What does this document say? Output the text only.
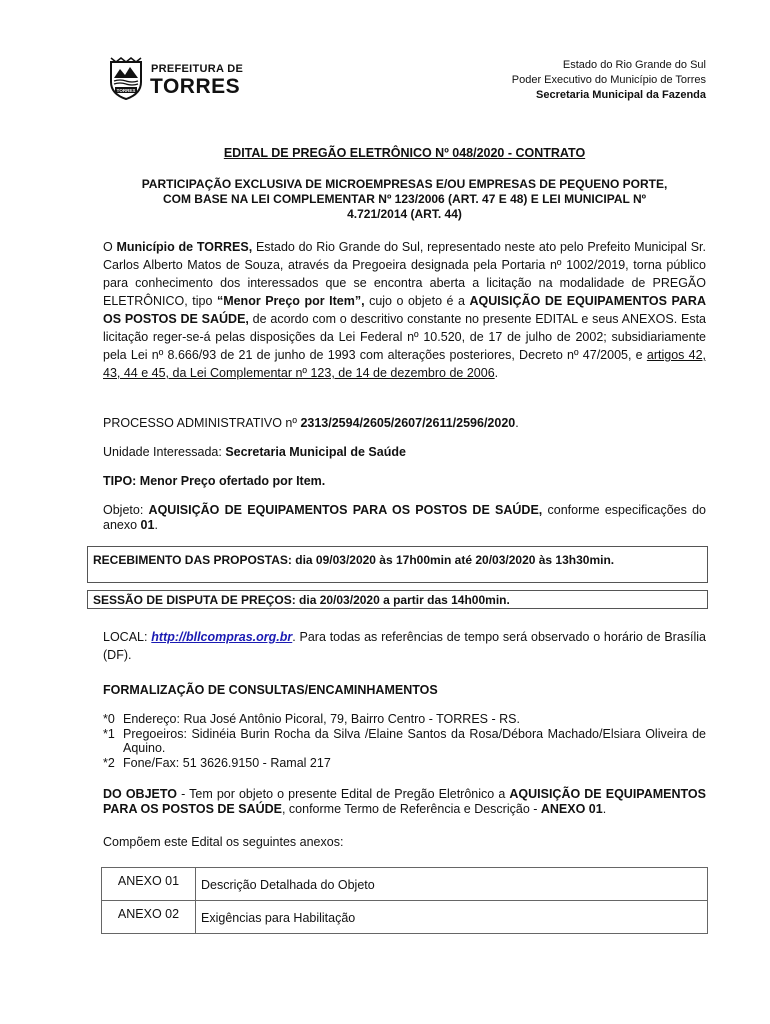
TORRES
PREFEITURA DE
TORRES
Estado do Rio Grande do Sul
Poder Executivo do Município de Torres
Secretaria Municipal da Fazenda
EDITAL DE PREGÃO ELETRÔNICO Nº 048/2020 - CONTRATO
PARTICIPAÇÃO EXCLUSIVA DE MICROEMPRESAS E/OU EMPRESAS DE PEQUENO PORTE,
COM BASE NA LEI COMPLEMENTAR Nº 123/2006 (ART. 47 E 48) E LEI MUNICIPAL Nº
4.721/2014 (ART. 44)
O Município de TORRES, Estado do Rio Grande do Sul, representado neste ato pelo Prefeito Municipal Sr. Carlos Alberto Matos de Souza, através da Pregoeira designada pela Portaria nº 1002/2019, torna público para conhecimento dos interessados que se encontra aberta a licitação na modalidade de PREGÃO ELETRÔNICO, tipo “Menor Preço por Item”, cujo o objeto é a AQUISIÇÃO DE EQUIPAMENTOS PARA OS POSTOS DE SAÚDE, de acordo com o descritivo constante no presente EDITAL e seus ANEXOS. Esta licitação reger-se-á pelas disposições da Lei Federal nº 10.520, de 17 de julho de 2002; subsidiariamente pela Lei nº 8.666/93 de 21 de junho de 1993 com alterações posteriores, Decreto nº 47/2005, e artigos 42, 43, 44 e 45, da Lei Complementar nº 123, de 14 de dezembro de 2006.
PROCESSO ADMINISTRATIVO nº 2313/2594/2605/2607/2611/2596/2020.
Unidade Interessada: Secretaria Municipal de Saúde
TIPO: Menor Preço ofertado por Item.
Objeto: AQUISIÇÃO DE EQUIPAMENTOS PARA OS POSTOS DE SAÚDE, conforme especificações do anexo 01.
RECEBIMENTO DAS PROPOSTAS: dia 09/03/2020 às 17h00min até 20/03/2020 às 13h30min.
SESSÃO DE DISPUTA DE PREÇOS: dia 20/03/2020 a partir das 14h00min.
LOCAL: http://bllcompras.org.br. Para todas as referências de tempo será observado o horário de Brasília (DF).
FORMALIZAÇÃO DE CONSULTAS/ENCAMINHAMENTOS
*0 Endereço: Rua José Antônio Picoral, 79, Bairro Centro - TORRES - RS.
*1 Pregoeiros: Sidinéia Burin Rocha da Silva /Elaine Santos da Rosa/Débora Machado/Elsiara Oliveira de Aquino.
*2 Fone/Fax: 51 3626.9150 - Ramal 217
DO OBJETO - Tem por objeto o presente Edital de Pregão Eletrônico a AQUISIÇÃO DE EQUIPAMENTOS PARA OS POSTOS DE SAÚDE, conforme Termo de Referência e Descrição - ANEXO 01.
Compõem este Edital os seguintes anexos:
ANEXO 01	Descrição Detalhada do Objeto
ANEXO 02	Exigências para Habilitação
